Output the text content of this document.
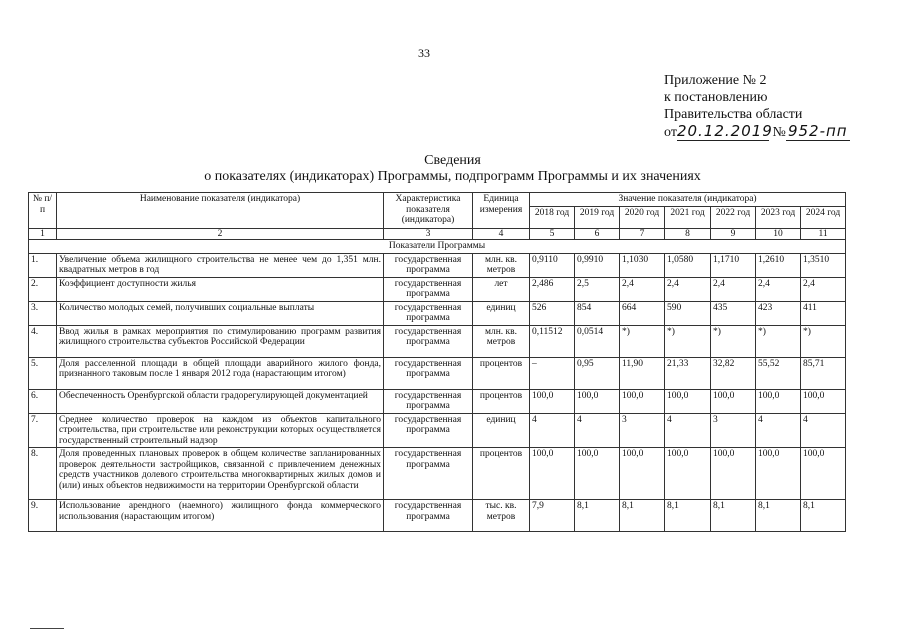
33
Приложение № 2
к постановлению
Правительства области
от20.12.2019 № 952-пп
Сведения
о показателях (индикаторах) Программы, подпрограмм Программы и их значениях
№ п/п	Наименование показателя (индикатора)	Характеристика показателя (индикатора)	Единица измерения	Значение показателя (индикатора)						
				2018 год	2019 год	2020 год	2021 год	2022 год	2023 год	2024 год
1	2	3	4	5	6	7	8	9	10	11
Показатели Программы										
1.	Увеличение объема жилищного строительства не менее чем до 1,351 млн. квадратных метров в год	государственная программа	млн. кв. метров	0,9110	0,9910	1,1030	1,0580	1,1710	1,2610	1,3510
2.	Коэффициент доступности жилья	государственная программа	лет	2,486	2,5	2,4	2,4	2,4	2,4	2,4
3.	Количество молодых семей, получивших социальные выплаты	государственная программа	единиц	526	854	664	590	435	423	411
4.	Ввод жилья в рамках мероприятия по стимулированию программ развития жилищного строительства субъектов Российской Федерации	государственная программа	млн. кв. метров	0,11512	0,0514	*)	*)	*)	*)	*)
5.	Доля расселенной площади в общей площади аварийного жилого фонда, признанного таковым после 1 января 2012 года (нарастающим итогом)	государственная программа	процентов	–	0,95	11,90	21,33	32,82	55,52	85,71
6.	Обеспеченность Оренбургской области градорегулирующей документацией	государственная программа	процентов	100,0	100,0	100,0	100,0	100,0	100,0	100,0
7.	Среднее количество проверок на каждом из объектов капитального строительства, при строительстве или реконструкции которых осуществляется государственный строительный надзор	государственная программа	единиц	4	4	3	4	3	4	4
8.	Доля проведенных плановых проверок в общем количестве запланированных проверок деятельности застройщиков, связанной с привлечением денежных средств участников долевого строительства многоквартирных жилых домов и (или) иных объектов недвижимости на территории Оренбургской области	государственная программа	процентов	100,0	100,0	100,0	100,0	100,0	100,0	100,0
9.	Использование арендного (наемного) жилищного фонда коммерческого использования (нарастающим итогом)	государственная программа	тыс. кв. метров	7,9	8,1	8,1	8,1	8,1	8,1	8,1
